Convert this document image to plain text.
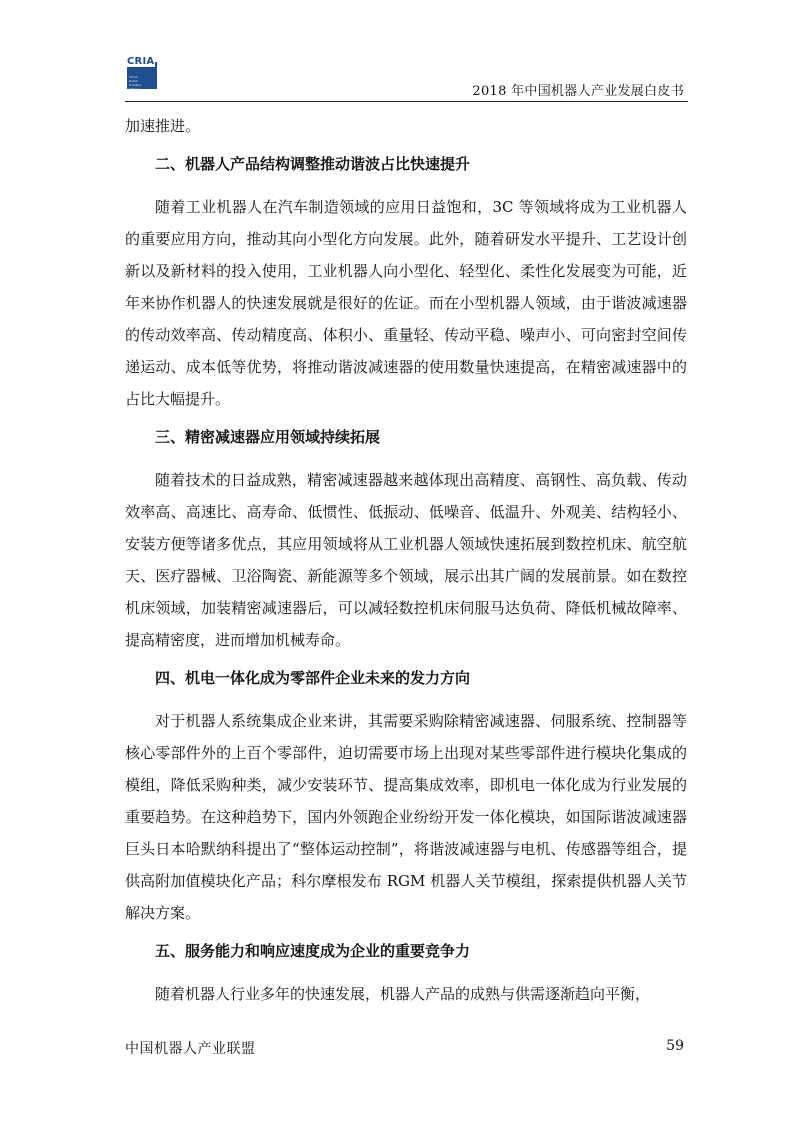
China
Robot
Industry
Alliance
CRIA
2018 年中国机器人产业发展白皮书

加速推进。

二、机器人产品结构调整推动谐波占比快速提升

随着工业机器人在汽车制造领域的应用日益饱和，3C 等领域将成为工业机器人的重要应用方向，推动其向小型化方向发展。此外，随着研发水平提升、工艺设计创新以及新材料的投入使用，工业机器人向小型化、轻型化、柔性化发展变为可能，近年来协作机器人的快速发展就是很好的佐证。而在小型机器人领域，由于谐波减速器的传动效率高、传动精度高、体积小、重量轻、传动平稳、噪声小、可向密封空间传递运动、成本低等优势，将推动谐波减速器的使用数量快速提高，在精密减速器中的占比大幅提升。

三、精密减速器应用领域持续拓展

随着技术的日益成熟，精密减速器越来越体现出高精度、高钢性、高负载、传动效率高、高速比、高寿命、低惯性、低振动、低噪音、低温升、外观美、结构轻小、安装方便等诸多优点，其应用领域将从工业机器人领域快速拓展到数控机床、航空航天、医疗器械、卫浴陶瓷、新能源等多个领域，展示出其广阔的发展前景。如在数控机床领域，加装精密减速器后，可以减轻数控机床伺服马达负荷、降低机械故障率、提高精密度，进而增加机械寿命。

四、机电一体化成为零部件企业未来的发力方向

对于机器人系统集成企业来讲，其需要采购除精密减速器、伺服系统、控制器等核心零部件外的上百个零部件，迫切需要市场上出现对某些零部件进行模块化集成的模组，降低采购种类，减少安装环节、提高集成效率，即机电一体化成为行业发展的重要趋势。在这种趋势下，国内外领跑企业纷纷开发一体化模块，如国际谐波减速器巨头日本哈默纳科提出了“整体运动控制”，将谐波减速器与电机、传感器等组合，提供高附加值模块化产品；科尔摩根发布 RGM 机器人关节模组，探索提供机器人关节解决方案。

五、服务能力和响应速度成为企业的重要竞争力

随着机器人行业多年的快速发展，机器人产品的成熟与供需逐渐趋向平衡，

中国机器人产业联盟	59
